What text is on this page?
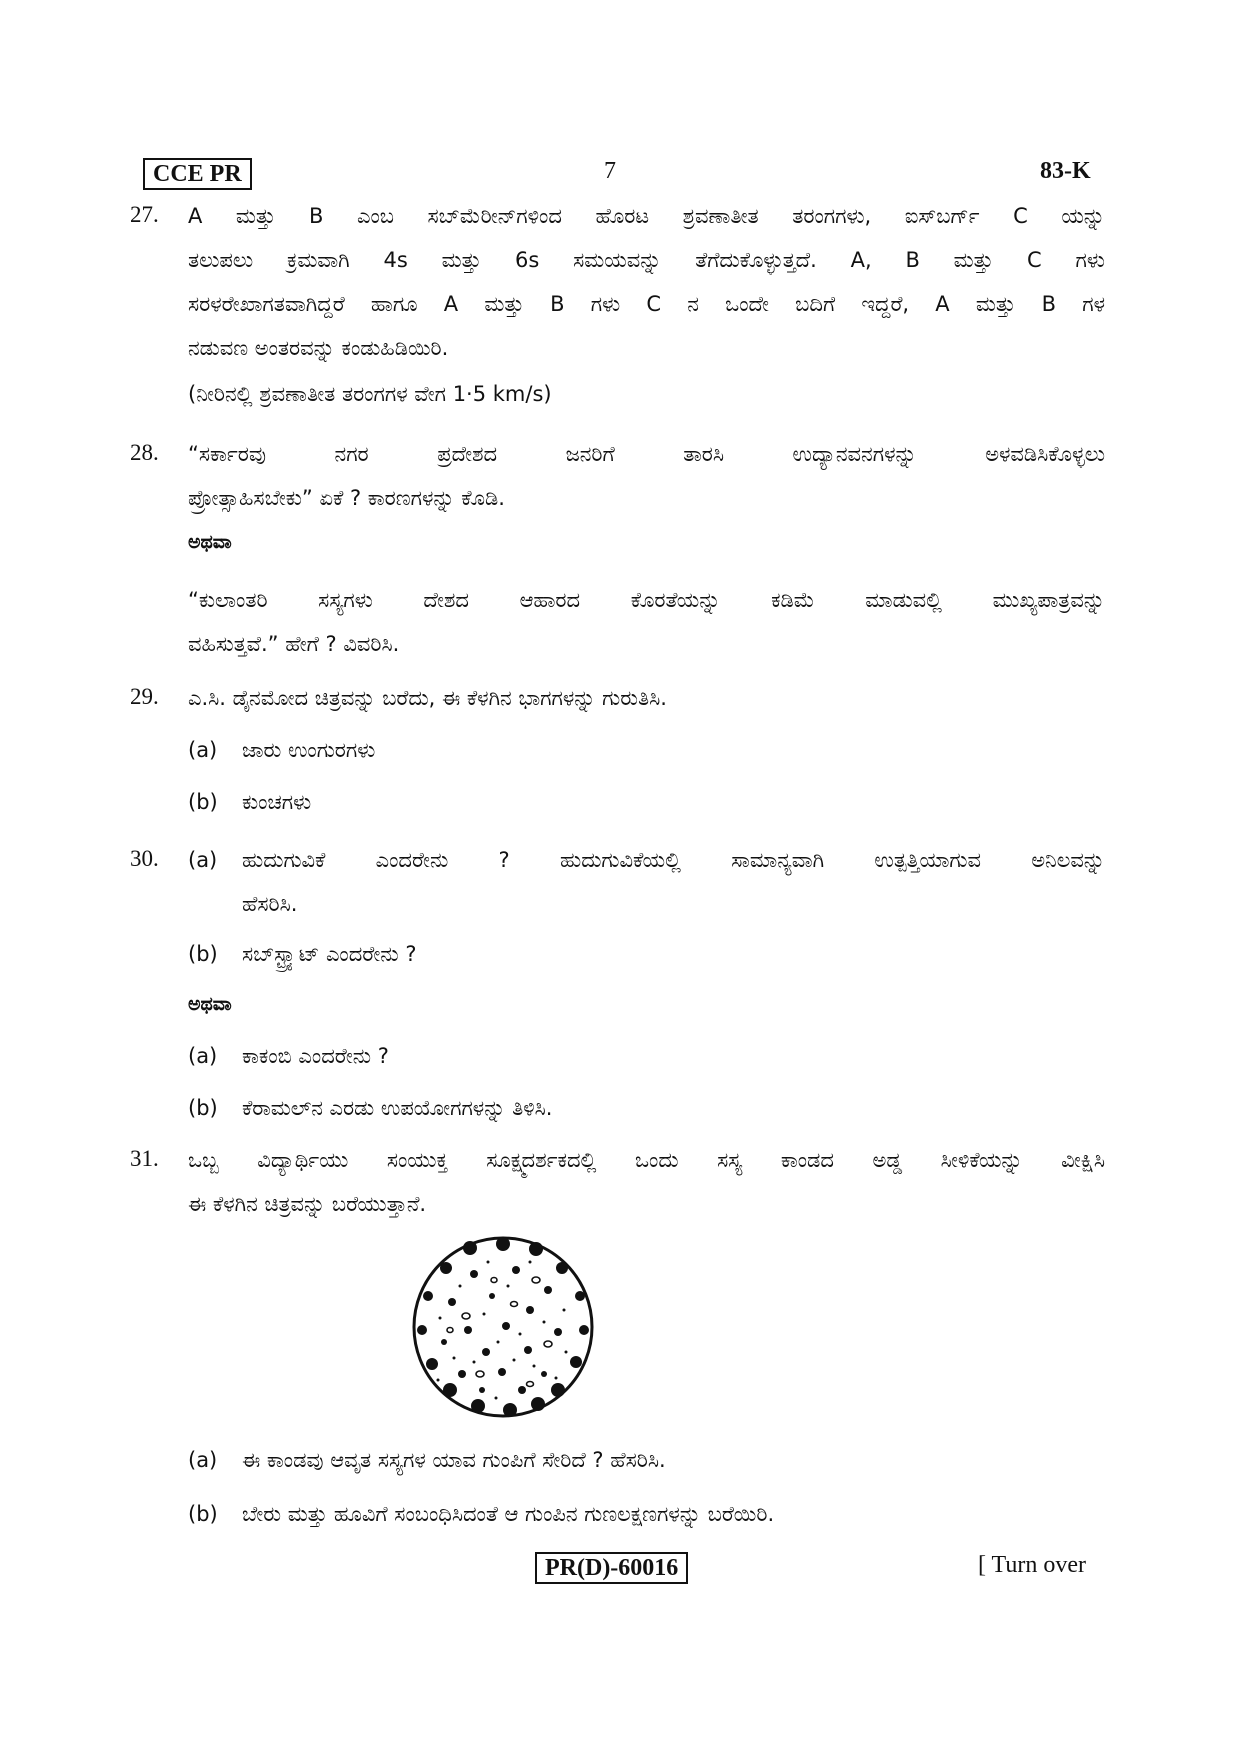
CCE PR	7	83-K
27. A ಮತ್ತು B ಎಂಬ ಸಬ್‌ಮೆರೀನ್‌ಗಳಿಂದ ಹೊರಟ ಶ್ರವಣಾತೀತ ತರಂಗಗಳು, ಐಸ್‌ಬರ್ಗ್ C ಯನ್ನು
ತಲುಪಲು ಕ್ರಮವಾಗಿ 4s ಮತ್ತು 6s ಸಮಯವನ್ನು ತೆಗೆದುಕೊಳ್ಳುತ್ತದೆ. A, B ಮತ್ತು C ಗಳು
ಸರಳರೇಖಾಗತವಾಗಿದ್ದರೆ ಹಾಗೂ A ಮತ್ತು B ಗಳು C ನ ಒಂದೇ ಬದಿಗೆ ಇದ್ದರೆ, A ಮತ್ತು B ಗಳ
ನಡುವಣ ಅಂತರವನ್ನು ಕಂಡುಹಿಡಿಯಿರಿ.
(ನೀರಿನಲ್ಲಿ ಶ್ರವಣಾತೀತ ತರಂಗಗಳ ವೇಗ 1·5 km/s)
28. “ಸರ್ಕಾರವು ನಗರ ಪ್ರದೇಶದ ಜನರಿಗೆ ತಾರಸಿ ಉದ್ಯಾನವನಗಳನ್ನು ಅಳವಡಿಸಿಕೊಳ್ಳಲು
ಪ್ರೋತ್ಸಾಹಿಸಬೇಕು” ಏಕೆ ? ಕಾರಣಗಳನ್ನು ಕೊಡಿ.
ಅಥವಾ
“ಕುಲಾಂತರಿ ಸಸ್ಯಗಳು ದೇಶದ ಆಹಾರದ ಕೊರತೆಯನ್ನು ಕಡಿಮೆ ಮಾಡುವಲ್ಲಿ ಮುಖ್ಯಪಾತ್ರವನ್ನು
ವಹಿಸುತ್ತವೆ.” ಹೇಗೆ ? ವಿವರಿಸಿ.
29. ಎ.ಸಿ. ಡೈನಮೋದ ಚಿತ್ರವನ್ನು ಬರೆದು, ಈ ಕೆಳಗಿನ ಭಾಗಗಳನ್ನು ಗುರುತಿಸಿ.
(a) ಜಾರು ಉಂಗುರಗಳು
(b) ಕುಂಚಗಳು
30. (a) ಹುದುಗುವಿಕೆ ಎಂದರೇನು ? ಹುದುಗುವಿಕೆಯಲ್ಲಿ ಸಾಮಾನ್ಯವಾಗಿ ಉತ್ಪತ್ತಿಯಾಗುವ ಅನಿಲವನ್ನು
ಹೆಸರಿಸಿ.
(b) ಸಬ್‌ಸ್ಟ್ರ್ಯಾಟ್ ಎಂದರೇನು ?
ಅಥವಾ
(a) ಕಾಕಂಬಿ ಎಂದರೇನು ?
(b) ಕೆರಾಮಲ್‌ನ ಎರಡು ಉಪಯೋಗಗಳನ್ನು ತಿಳಿಸಿ.
31. ಒಬ್ಬ ವಿದ್ಯಾರ್ಥಿಯು ಸಂಯುಕ್ತ ಸೂಕ್ಷ್ಮದರ್ಶಕದಲ್ಲಿ ಒಂದು ಸಸ್ಯ ಕಾಂಡದ ಅಡ್ಡ ಸೀಳಿಕೆಯನ್ನು ವೀಕ್ಷಿಸಿ
ಈ ಕೆಳಗಿನ ಚಿತ್ರವನ್ನು ಬರೆಯುತ್ತಾನೆ.
(a) ಈ ಕಾಂಡವು ಆವೃತ ಸಸ್ಯಗಳ ಯಾವ ಗುಂಪಿಗೆ ಸೇರಿದೆ ? ಹೆಸರಿಸಿ.
(b) ಬೇರು ಮತ್ತು ಹೂವಿಗೆ ಸಂಬಂಧಿಸಿದಂತೆ ಆ ಗುಂಪಿನ ಗುಣಲಕ್ಷಣಗಳನ್ನು ಬರೆಯಿರಿ.
PR(D)-60016	[ Turn over
